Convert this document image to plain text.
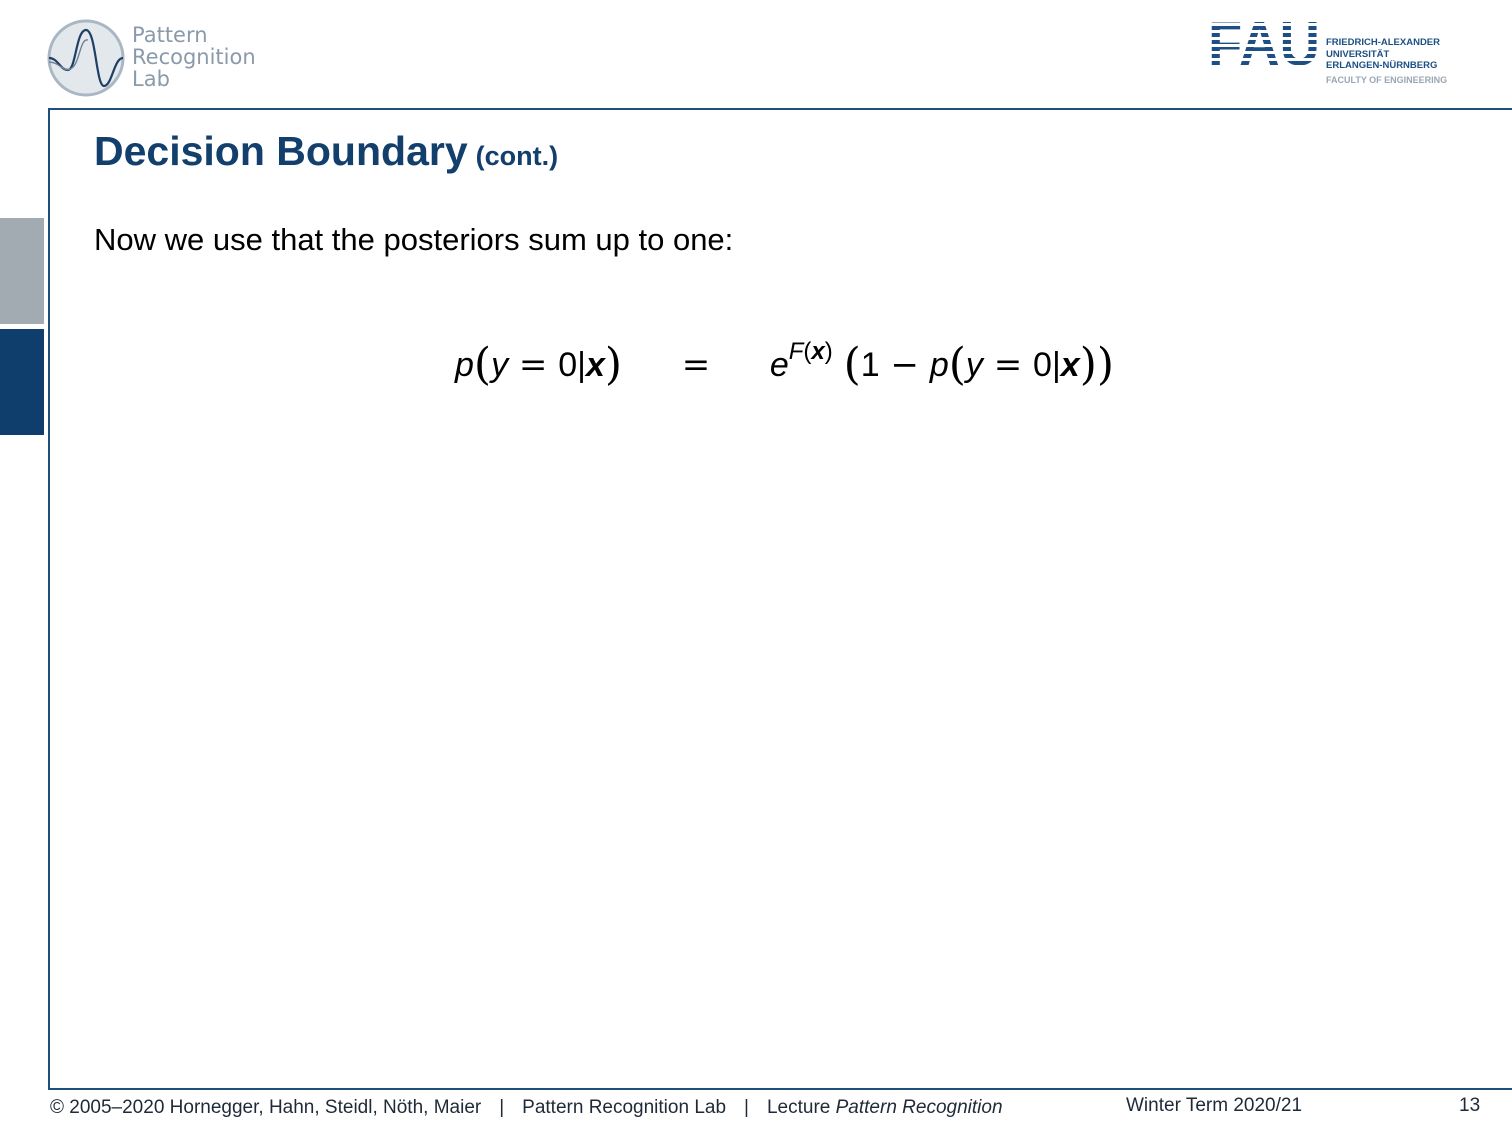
Pattern
Recognition
Lab
FRIEDRICH-ALEXANDER
UNIVERSITÄT
ERLANGEN-NÜRNBERG
FACULTY OF ENGINEERING
Decision Boundary (cont.)
Now we use that the posteriors sum up to one:
$p(y = 0|x) = e^{F(x)}$ (1 − p(y = 0|x))
© 2005–2020 Hornegger, Hahn, Steidl, Nöth, Maier | Pattern Recognition Lab | Lecture Pattern Recognition	Winter Term 2020/21	13
